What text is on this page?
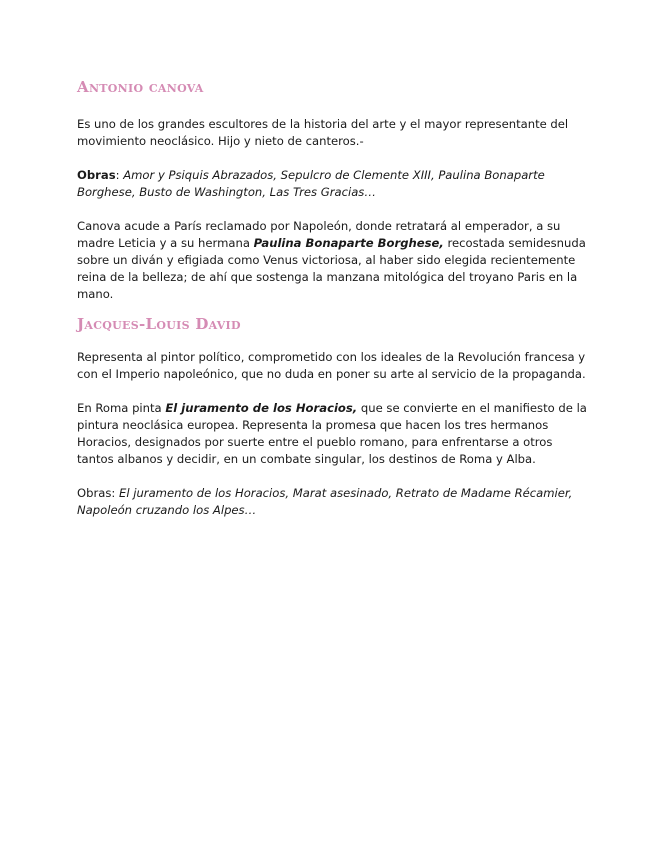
Antonio canova

Es uno de los grandes escultores de la historia del arte y el mayor representante del movimiento neoclásico. Hijo y nieto de canteros.-

Obras: Amor y Psiquis Abrazados, Sepulcro de Clemente XIII, Paulina Bonaparte Borghese, Busto de Washington, Las Tres Gracias…

Canova acude a París reclamado por Napoleón, donde retratará al emperador, a su madre Leticia y a su hermana Paulina Bonaparte Borghese, recostada semidesnuda sobre un diván y efigiada como Venus victoriosa, al haber sido elegida recientemente reina de la belleza; de ahí que sostenga la manzana mitológica del troyano Paris en la mano.

Jacques-Louis David

Representa al pintor político, comprometido con los ideales de la Revolución francesa y con el Imperio napoleónico, que no duda en poner su arte al servicio de la propaganda.

En Roma pinta El juramento de los Horacios, que se convierte en el manifiesto de la pintura neoclásica europea. Representa la promesa que hacen los tres hermanos Horacios, designados por suerte entre el pueblo romano, para enfrentarse a otros tantos albanos y decidir, en un combate singular, los destinos de Roma y Alba.

Obras: El juramento de los Horacios, Marat asesinado, Retrato de Madame Récamier, Napoleón cruzando los Alpes…
